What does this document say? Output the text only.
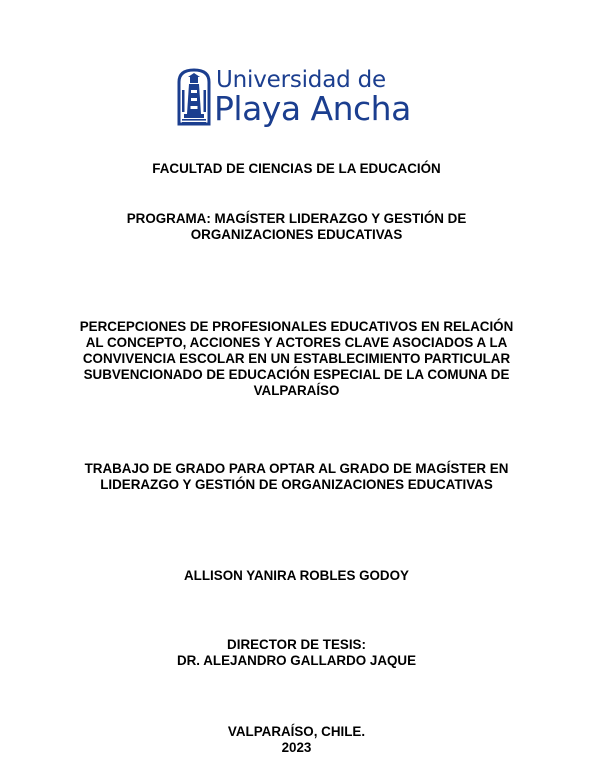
Universidad de
Playa Ancha
FACULTAD DE CIENCIAS DE LA EDUCACIÓN
PROGRAMA: MAGÍSTER LIDERAZGO Y GESTIÓN DE
ORGANIZACIONES EDUCATIVAS
PERCEPCIONES DE PROFESIONALES EDUCATIVOS EN RELACIÓN
AL CONCEPTO, ACCIONES Y ACTORES CLAVE ASOCIADOS A LA
CONVIVENCIA ESCOLAR EN UN ESTABLECIMIENTO PARTICULAR
SUBVENCIONADO DE EDUCACIÓN ESPECIAL DE LA COMUNA DE
VALPARAÍSO
TRABAJO DE GRADO PARA OPTAR AL GRADO DE MAGÍSTER EN
LIDERAZGO Y GESTIÓN DE ORGANIZACIONES EDUCATIVAS
ALLISON YANIRA ROBLES GODOY
DIRECTOR DE TESIS:
DR. ALEJANDRO GALLARDO JAQUE
VALPARAÍSO, CHILE.
2023
